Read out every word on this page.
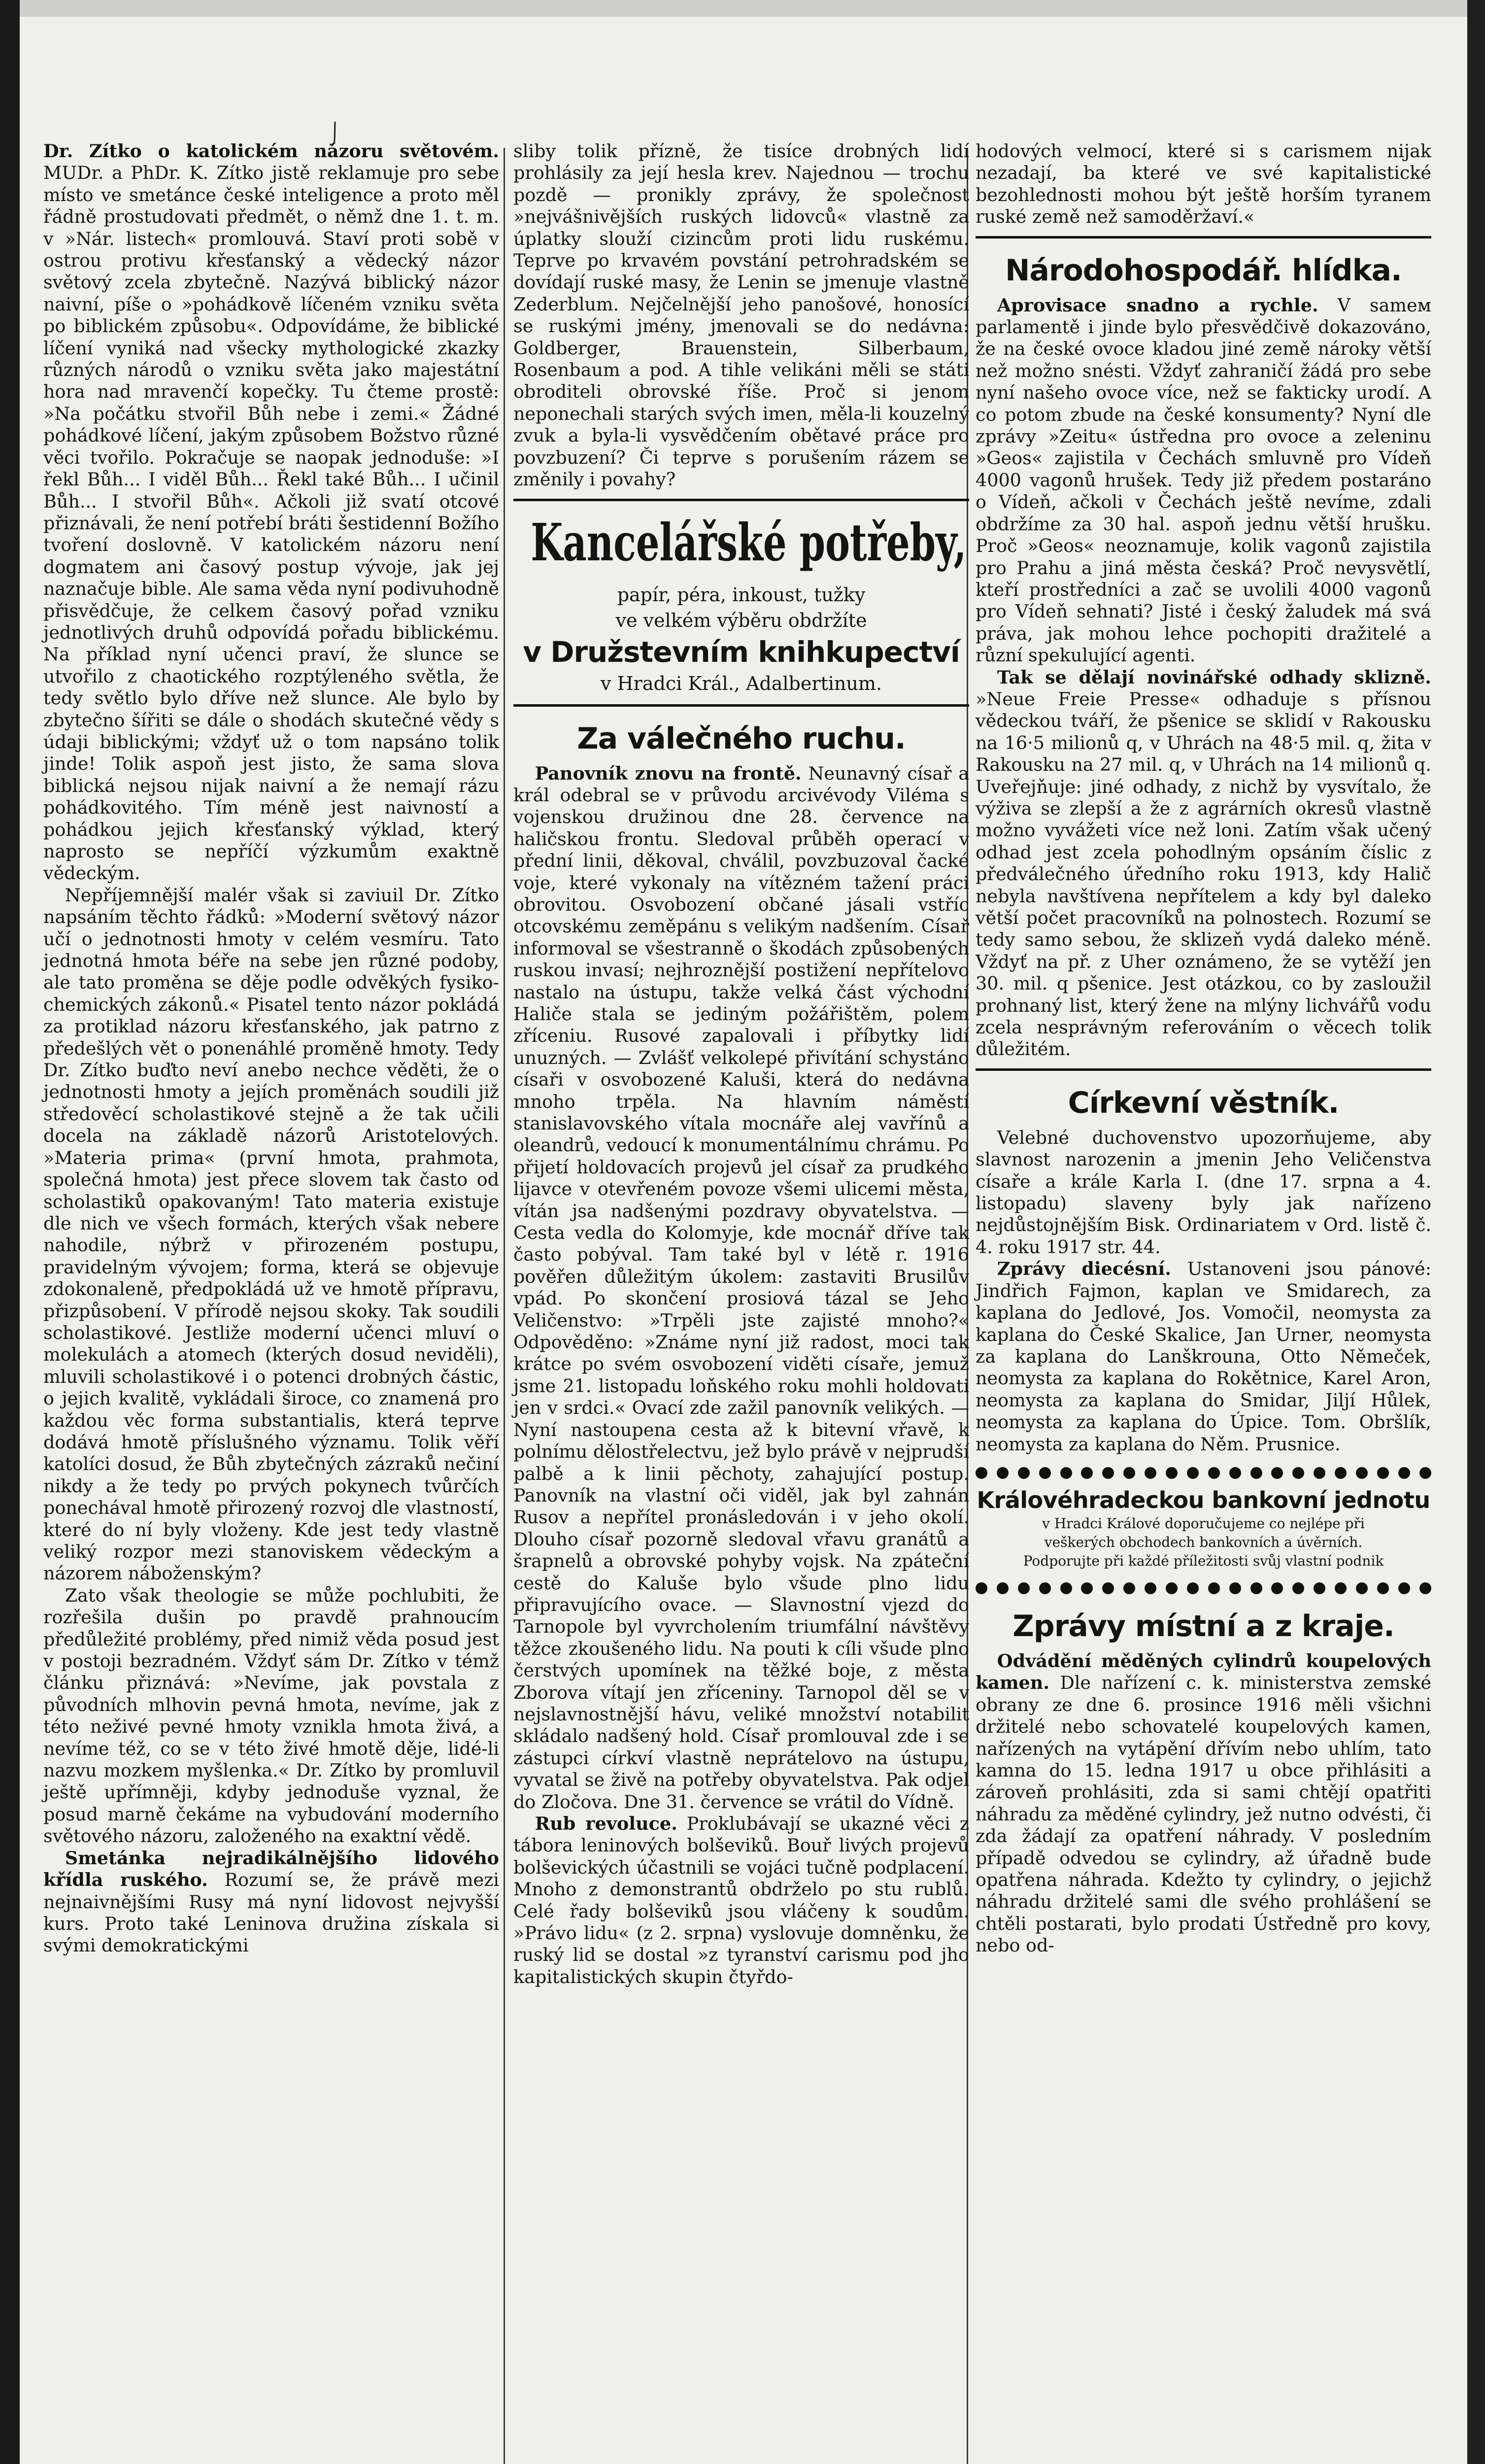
Dr. Zítko o katolickém názoru světovém. MUDr. a PhDr. K. Zítko jistě reklamuje pro sebe místo ve smetánce české inteligence a proto měl řádně prostudovati předmět, o němž dne 1. t. m. v »Nár. listech« promlouvá. Staví proti sobě v ostrou protivu křesťanský a vědecký názor světový zcela zbytečně. Nazývá biblický názor naivní, píše o »pohádkově líčeném vzniku světa po biblickém způsobu«. Odpovídáme, že biblické líčení vyniká nad všecky mythologické zkazky různých národů o vzniku světa jako majestátní hora nad mravenčí kopečky. Tu čteme prostě: »Na počátku stvořil Bůh nebe i zemi.« Žádné pohádkové líčení, jakým způsobem Božstvo různé věci tvořilo. Pokračuje se naopak jednoduše: »I řekl Bůh... I viděl Bůh... Řekl také Bůh... I učinil Bůh... I stvořil Bůh«. Ačkoli již svatí otcové přiznávali, že není potřebí bráti šestidenní Božího tvoření doslovně. V katolickém názoru není dogmatem ani časový postup vývoje, jak jej naznačuje bible. Ale sama věda nyní podivuhodně přisvědčuje, že celkem časový pořad vzniku jednotlivých druhů odpovídá pořadu biblickému. Na příklad nyní učenci praví, že slunce se utvořilo z chaotického rozptýleného světla, že tedy světlo bylo dříve než slunce. Ale bylo by zbytečno šířiti se dále o shodách skutečné vědy s údaji biblickými; vždyť už o tom napsáno tolik jinde! Tolik aspoň jest jisto, že sama slova biblická nejsou nijak naivní a že nemají rázu pohádkovitého. Tím méně jest naivností a pohádkou jejich křesťanský výklad, který naprosto se nepříčí výzkumům exaktně vědeckým.

Nepříjemnější malér však si zaviuil Dr. Zítko napsáním těchto řádků: »Moderní světový názor učí o jednotnosti hmoty v celém vesmíru. Tato jednotná hmota béře na sebe jen různé podoby, ale tato proměna se děje podle odvěkých fysiko-chemických zákonů.« Pisatel tento názor pokládá za protiklad názoru křesťanského, jak patrno z předešlých vět o ponenáhlé proměně hmoty. Tedy Dr. Zítko buďto neví anebo nechce věděti, že o jednotnosti hmoty a jejích proměnách soudili již středověcí scholastikové stejně a že tak učili docela na základě názorů Aristotelových. »Materia prima« (první hmota, prahmota, společná hmota) jest přece slovem tak často od scholastiků opakovaným! Tato materia existuje dle nich ve všech formách, kterých však nebere nahodile, nýbrž v přirozeném postupu, pravidelným vývojem; forma, která se objevuje zdokonaleně, předpokládá už ve hmotě přípravu, přizpůsobení. V přírodě nejsou skoky. Tak soudili scholastikové. Jestliže moderní učenci mluví o molekulách a atomech (kterých dosud neviděli), mluvili scholastikové i o potenci drobných částic, o jejich kvalitě, vykládali široce, co znamená pro každou věc forma substantialis, která teprve dodává hmotě příslušného významu. Tolik věří katolíci dosud, že Bůh zbytečných zázraků nečiní nikdy a že tedy po prvých pokynech tvůrčích ponechával hmotě přirozený rozvoj dle vlastností, které do ní byly vloženy. Kde jest tedy vlastně veliký rozpor mezi stanoviskem vědeckým a názorem náboženským?

Zato však theologie se může pochlubiti, že rozřešila dušin po pravdě prahnoucím předůležité problémy, před nimiž věda posud jest v postoji bezradném. Vždyť sám Dr. Zítko v témž článku přiznává: »Nevíme, jak povstala z původních mlhovin pevná hmota, nevíme, jak z této neživé pevné hmoty vznikla hmota živá, a nevíme též, co se v této živé hmotě děje, lidé-li nazvu mozkem myšlenka.« Dr. Zítko by promluvil ještě upřímněji, kdyby jednoduše vyznal, že posud marně čekáme na vybudování moderního světového názoru, založeného na exaktní vědě.

Smetánka nejradikálnějšího lidového křídla ruského. Rozumí se, že právě mezi nejnaivnějšími Rusy má nyní lidovost nejvyšší kurs. Proto také Leninova družina získala si svými demokratickými

sliby tolik přízně, že tisíce drobných lidí prohlásily za její hesla krev. Najednou — trochu pozdě — pronikly zprávy, že společnost »nejvášnivějších ruských lidovců« vlastně za úplatky slouží cizincům proti lidu ruskému. Teprve po krvavém povstání petrohradském se dovídají ruské masy, že Lenin se jmenuje vlastně Zederblum. Nejčelnější jeho panošové, honosící se ruskými jmény, jmenovali se do nedávna: Goldberger, Brauenstein, Silberbaum, Rosenbaum a pod. A tihle velikáni měli se státi obroditeli obrovské říše. Proč si jenom neponechali starých svých imen, měla-li kouzelný zvuk a byla-li vysvědčením obětavé práce pro povzbuzení? Či teprve s porušením rázem se změnily i povahy?

Kancelářské potřeby,
papír, péra, inkoust, tužky
ve velkém výběru obdržíte
v Družstevním knihkupectví
v Hradci Král., Adalbertinum.
Za válečného ruchu.

Panovník znovu na frontě. Neunavný císař a král odebral se v průvodu arcivévody Viléma s vojenskou družinou dne 28. července na haličskou frontu. Sledoval průběh operací v přední linii, děkoval, chválil, povzbuzoval čacké voje, které vykonaly na vítězném tažení práci obrovitou. Osvobození občané jásali vstříc otcovskému zeměpánu s velikým nadšením. Císař informoval se všestranně o škodách způsobených ruskou invasí; nejhroznější postižení nepřítelovo nastalo na ústupu, takže velká část východní Haliče stala se jediným požářištěm, polem zříceniu. Rusové zapalovali i příbytky lidí unuzných. — Zvlášť velkolepé přivítání schystáno císaři v osvobozené Kaluši, která do nedávna mnoho trpěla. Na hlavním náměstí stanislavovského vítala mocnáře alej vavřínů a oleandrů, vedoucí k monumentálnímu chrámu. Po přijetí holdovacích projevů jel císař za prudkého lijavce v otevřeném povoze všemi ulicemi města, vítán jsa nadšenými pozdravy obyvatelstva. — Cesta vedla do Kolomyje, kde mocnář dříve tak často pobýval. Tam také byl v létě r. 1916 pověřen důležitým úkolem: zastaviti Brusilův vpád. Po skončení prosiová tázal se Jeho Veličenstvo: »Trpěli jste zajisté mnoho?« Odpověděno: »Známe nyní již radost, moci tak krátce po svém osvobození viděti císaře, jemuž jsme 21. listopadu loňského roku mohli holdovati jen v srdci.« Ovací zde zažil panovník velikých. — Nyní nastoupena cesta až k bitevní vřavě, k polnímu dělostřelectvu, jež bylo právě v nejprudší palbě a k linii pěchoty, zahajující postup. Panovník na vlastní oči viděl, jak byl zahnán Rusov a nepřítel pronásledován i v jeho okolí. Dlouho císař pozorně sledoval vřavu granátů a šrapnelů a obrovské pohyby vojsk. Na zpáteční cestě do Kaluše bylo všude plno lidu připravujícího ovace. — Slavnostní vjezd do Tarnopole byl vyvrcholením triumfální návštěvy těžce zkoušeného lidu. Na pouti k cíli všude plno čerstvých upomínek na těžké boje, z města Zborova vítají jen zříceniny. Tarnopol děl se v nejslavnostnější hávu, veliké množství notabilit skládalo nadšený hold. Císař promlouval zde i se zástupci církví vlastně neprátelovo na ústupu, vyvatal se živě na potřeby obyvatelstva. Pak odjel do Zločova. Dne 31. července se vrátil do Vídně.

Rub revoluce. Proklubávají se ukazné věci z tábora leninových bolševiků. Bouř livých projevů bolševických účastnili se vojáci tučně podplacení. Mnoho z demonstrantů obdrželo po stu rublů. Celé řady bolševiků jsou vláčeny k soudům. »Právo lidu« (z 2. srpna) vyslovuje domněnku, že ruský lid se dostal »z tyranství carismu pod jho kapitalistických skupin čtyřdo-

hodových velmocí, které si s carismem nijak nezadají, ba které ve své kapitalistické bezohlednosti mohou být ještě horším tyranem ruské země než samoděržaví.«

Národohospodář. hlídka.

Aprovisace snadno a rychle. V sameм parlamentě i jinde bylo přesvědčivě dokazováno, že na české ovoce kladou jiné země nároky větší než možno snésti. Vždyť zahraničí žádá pro sebe nyní našeho ovoce více, než se fakticky urodí. A co potom zbude na české konsumenty? Nyní dle zprávy »Zeitu« ústředna pro ovoce a zeleninu »Geos« zajistila v Čechách smluvně pro Vídeň 4000 vagonů hrušek. Tedy již předem postaráno o Vídeň, ačkoli v Čechách ještě nevíme, zdali obdržíme za 30 hal. aspoň jednu větší hrušku. Proč »Geos« neoznamuje, kolik vagonů zajistila pro Prahu a jiná města česká? Proč nevysvětlí, kteří prostředníci a zač se uvolili 4000 vagonů pro Vídeň sehnati? Jisté i český žaludek má svá práva, jak mohou lehce pochopiti dražitelé a různí spekulující agenti.

Tak se dělají novinářské odhady sklizně. »Neue Freie Presse« odhaduje s přísnou vědeckou tváří, že pšenice se sklidí v Rakousku na 16·5 milionů q, v Uhrách na 48·5 mil. q, žita v Rakousku na 27 mil. q, v Uhrách na 14 milionů q. Uveřejňuje: jiné odhady, z nichž by vysvítalo, že výživa se zlepší a že z agrárních okresů vlastně možno vyvážeti více než loni. Zatím však učený odhad jest zcela pohodlným opsáním číslic z předválečného úředního roku 1913, kdy Halič nebyla navštívena nepřítelem a kdy byl daleko větší počet pracovníků na polnostech. Rozumí se tedy samo sebou, že sklizeň vydá daleko méně. Vždyť na př. z Uher oznámeno, že se vytěží jen 30. mil. q pšenice. Jest otázkou, co by zasloužil prohnaný list, který žene na mlýny lichvářů vodu zcela nesprávným referováním o věcech tolik důležitém.

Církevní věstník.

Velebné duchovenstvo upozorňujeme, aby slavnost narozenin a jmenin Jeho Veličenstva císaře a krále Karla I. (dne 17. srpna a 4. listopadu) slaveny byly jak nařízeno nejdůstojnějším Bisk. Ordinariatem v Ord. listě č. 4. roku 1917 str. 44.

Zprávy diecésní. Ustanoveni jsou pánové: Jindřich Fajmon, kaplan ve Smidarech, za kaplana do Jedlové, Jos. Vomočil, neomysta za kaplana do České Skalice, Jan Urner, neomysta za kaplana do Lanškrouna, Otto Němeček, neomysta za kaplana do Rokětnice, Karel Aron, neomysta za kaplana do Smidar, Jiljí Hůlek, neomysta za kaplana do Úpice. Tom. Obršlík, neomysta za kaplana do Něm. Prusnice.

Královéhradeckou bankovní jednotu
v Hradci Králové doporučujeme co nejlépe při
veškerých obchodech bankovních a úvěrních.
Podporujte při každé příležitosti svůj vlastní podnik
Zprávy místní a z kraje.

Odvádění měděných cylindrů koupelových kamen. Dle nařízení c. k. ministerstva zemské obrany ze dne 6. prosince 1916 měli všichni držitelé nebo schovatelé koupelových kamen, nařízených na vytápění dřívím nebo uhlím, tato kamna do 15. ledna 1917 u obce přihlásiti a zároveň prohlásiti, zda si sami chtějí opatřiti náhradu za měděné cylindry, jež nutno odvésti, či zda žádají za opatření náhrady. V posledním případě odvedou se cylindry, až úřadně bude opatřena náhrada. Kdežto ty cylindry, o jejichž náhradu držitelé sami dle svého prohlášení se chtěli postarati, bylo prodati Ústředně pro kovy, nebo od-
